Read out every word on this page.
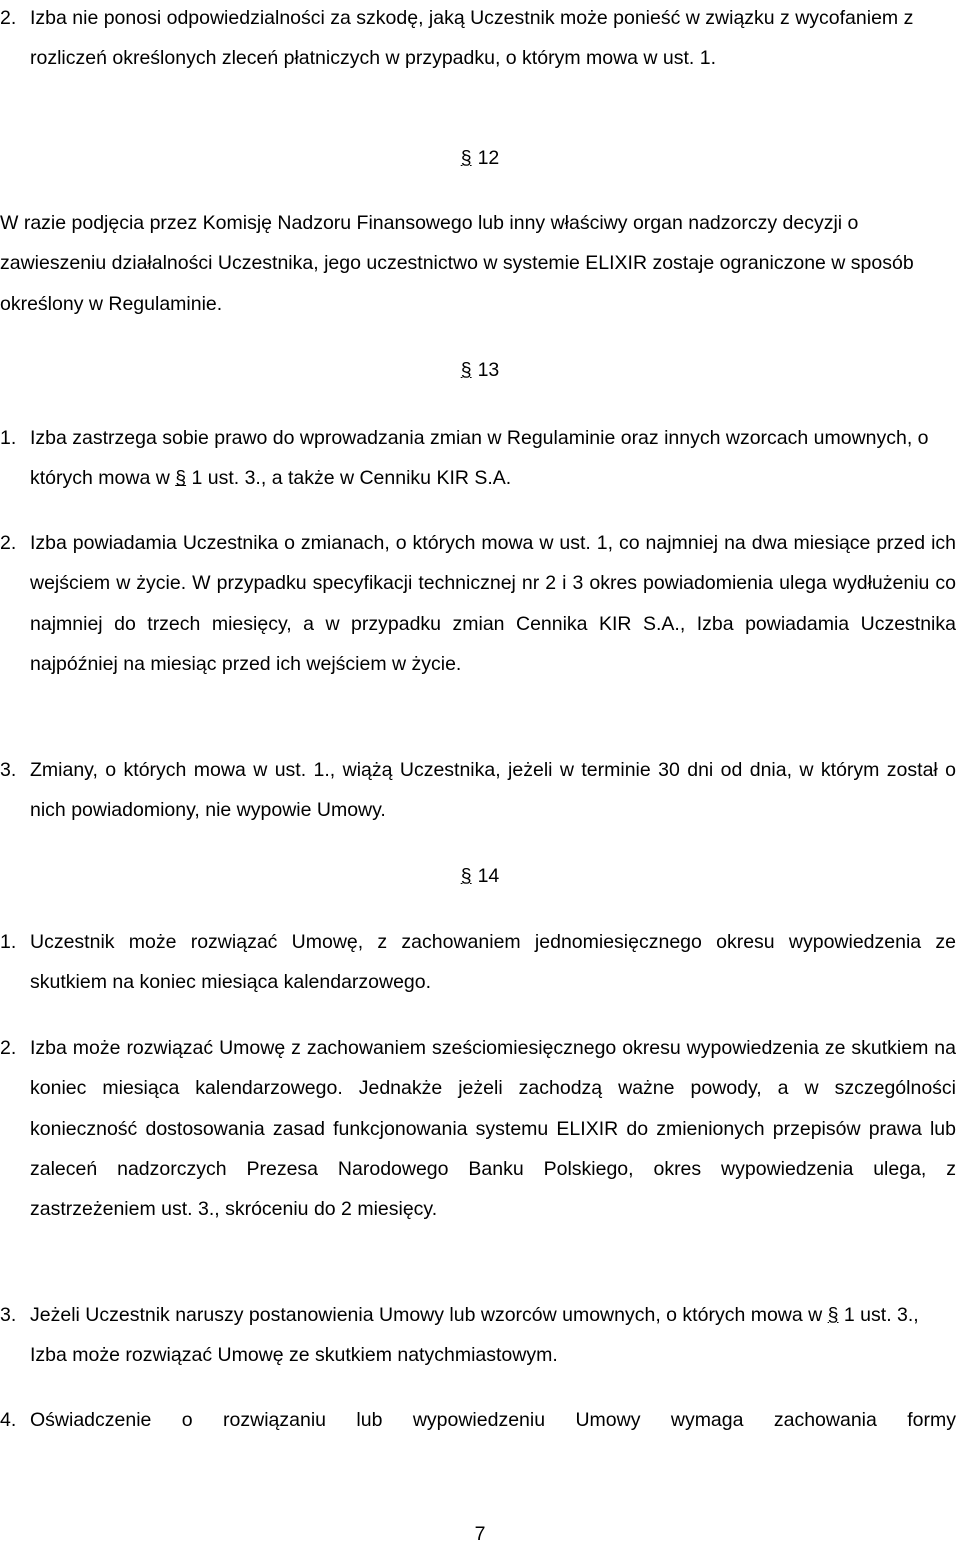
2. Izba nie ponosi odpowiedzialności za szkodę, jaką Uczestnik może ponieść w związku z wycofaniem z rozliczeń określonych zleceń płatniczych w przypadku, o którym mowa w ust. 1.
§ 12
W razie podjęcia przez Komisję Nadzoru Finansowego lub inny właściwy organ nadzorczy decyzji o zawieszeniu działalności Uczestnika, jego uczestnictwo w systemie ELIXIR zostaje ograniczone w sposób określony w Regulaminie.
§ 13
1. Izba zastrzega sobie prawo do wprowadzania zmian w Regulaminie oraz innych wzorcach umownych, o których mowa w § 1 ust. 3., a także w Cenniku KIR S.A.
2. Izba powiadamia Uczestnika o zmianach, o których mowa w ust. 1, co najmniej na dwa miesiące przed ich wejściem w życie. W przypadku specyfikacji technicznej nr 2 i 3 okres powiadomienia ulega wydłużeniu co najmniej do trzech miesięcy, a w przypadku zmian Cennika KIR S.A., Izba powiadamia Uczestnika najpóźniej na miesiąc przed ich wejściem w życie.
3. Zmiany, o których mowa w ust. 1., wiążą Uczestnika, jeżeli w terminie 30 dni od dnia, w którym został o nich powiadomiony, nie wypowie Umowy.
§ 14
1. Uczestnik może rozwiązać Umowę, z zachowaniem jednomiesięcznego okresu wypowiedzenia ze skutkiem na koniec miesiąca kalendarzowego.
2. Izba może rozwiązać Umowę z zachowaniem sześciomiesięcznego okresu wypowiedzenia ze skutkiem na koniec miesiąca kalendarzowego. Jednakże jeżeli zachodzą ważne powody, a w szczególności konieczność dostosowania zasad funkcjonowania systemu ELIXIR do zmienionych przepisów prawa lub zaleceń nadzorczych Prezesa Narodowego Banku Polskiego, okres wypowiedzenia ulega, z zastrzeżeniem ust. 3., skróceniu do 2 miesięcy.
3. Jeżeli Uczestnik naruszy postanowienia Umowy lub wzorców umownych, o których mowa w § 1 ust. 3., Izba może rozwiązać Umowę ze skutkiem natychmiastowym.
4. Oświadczenie o rozwiązaniu lub wypowiedzeniu Umowy wymaga zachowania formy
7
